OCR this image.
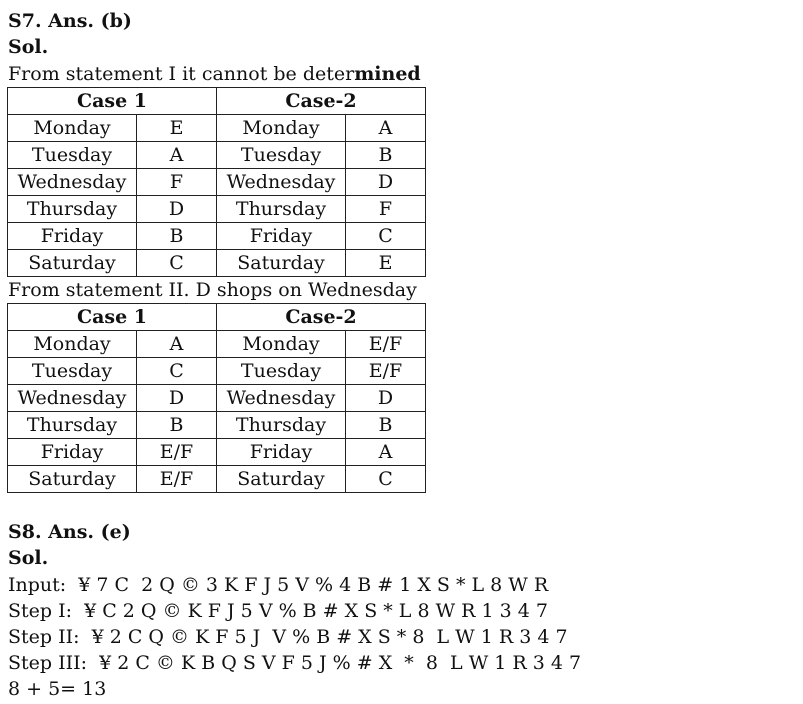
S7. Ans. (b)
Sol.
From statement I it cannot be determined
Case 1		Case-2	
Monday	E	Monday	A
Tuesday	A	Tuesday	B
Wednesday	F	Wednesday	D
Thursday	D	Thursday	F
Friday	B	Friday	C
Saturday	C	Saturday	E
From statement II. D shops on Wednesday
Case 1		Case-2	
Monday	A	Monday	E/F
Tuesday	C	Tuesday	E/F
Wednesday	D	Wednesday	D
Thursday	B	Thursday	B
Friday	E/F	Friday	A
Saturday	E/F	Saturday	C
S8. Ans. (e)
Sol.
Input:  ¥ 7 C  2 Q © 3 K F J 5 V % 4 B # 1 X S * L 8 W R
Step I:  ¥ C 2 Q © K F J 5 V % B # X S * L 8 W R 1 3 4 7
Step II:  ¥ 2 C Q © K F 5 J  V % B # X S * 8  L W 1 R 3 4 7
Step III:  ¥ 2 C © K B Q S V F 5 J % # X  *  8  L W 1 R 3 4 7
8 + 5= 13
